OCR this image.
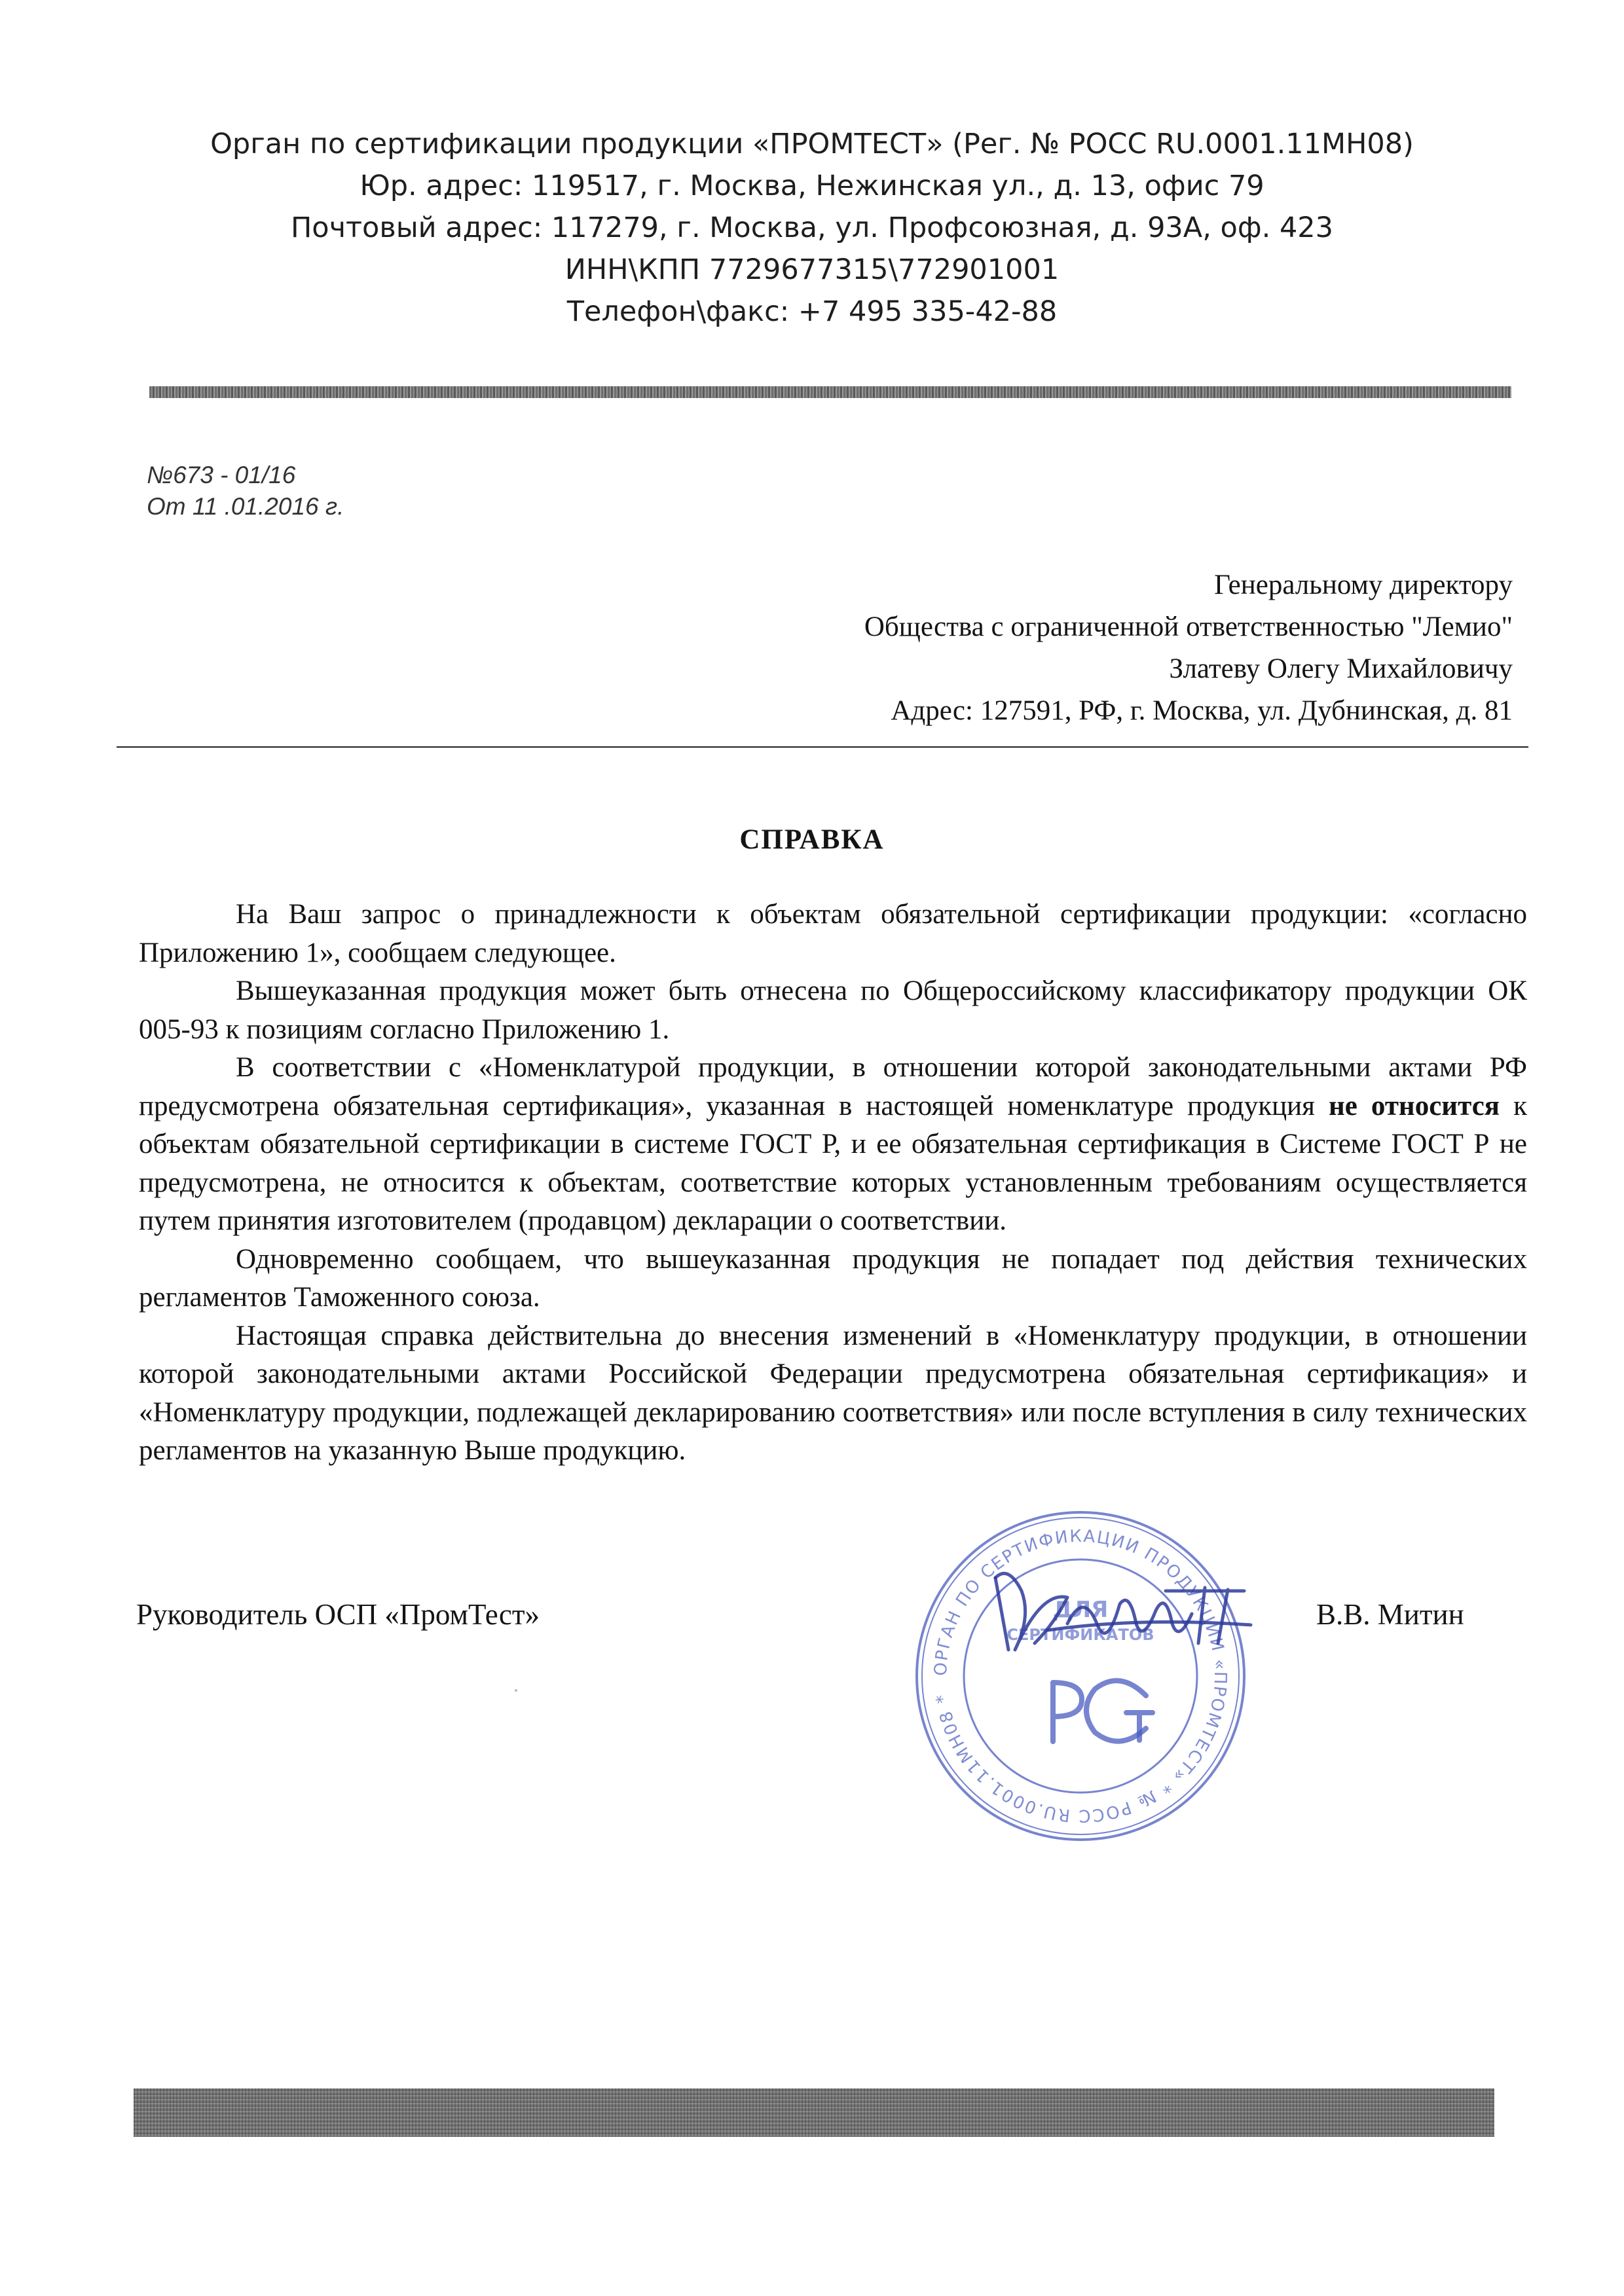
Орган по сертификации продукции «ПРОМТЕСТ» (Рег. № РОСС RU.0001.11МН08)
Юр. адрес: 119517, г. Москва, Нежинская ул., д. 13, офис 79
Почтовый адрес: 117279, г. Москва, ул. Профсоюзная, д. 93А, оф. 423
ИНН\КПП 7729677315\772901001
Телефон\факс: +7 495 335-42-88
№673 - 01/16
От 11 .01.2016 г.
Генеральному директору
Общества с ограниченной ответственностью "Лемио"
Златеву Олегу Михайловичу
Адрес: 127591, РФ, г. Москва, ул. Дубнинская, д. 81
СПРАВКА

На Ваш запрос о принадлежности к объектам обязательной сертификации продукции: «согласно Приложению 1», сообщаем следующее.

Вышеуказанная продукция может быть отнесена по Общероссийскому классификатору продукции ОК 005-93 к позициям согласно Приложению 1.

В соответствии с «Номенклатурой продукции, в отношении которой законодательными актами РФ предусмотрена обязательная сертификация», указанная в настоящей номенклатуре продукция не относится к объектам обязательной сертификации в системе ГОСТ Р, и ее обязательная сертификация в Системе ГОСТ Р не предусмотрена, не относится к объектам, соответствие которых установленным требованиям осуществляется путем принятия изготовителем (продавцом) декларации о соответствии.

Одновременно сообщаем, что вышеуказанная продукция не попадает под действия технических регламентов Таможенного союза.

Настоящая справка действительна до внесения изменений в «Номенклатуру продукции, в отношении которой законодательными актами Российской Федерации предусмотрена обязательная сертификация» и «Номенклатуру продукции, подлежащей декларированию соответствия» или после вступления в силу технических регламентов на указанную Выше продукцию.

Руководитель ОСП «ПромТест»	В.В. Митин
ОРГАН ПО СЕРТИФИКАЦИИ ПРОДУКЦИИ «ПРОМТЕСТ» * № РОСС RU.0001.11МН08 *
ДЛЯ
СЕРТИФИКАТОВ
